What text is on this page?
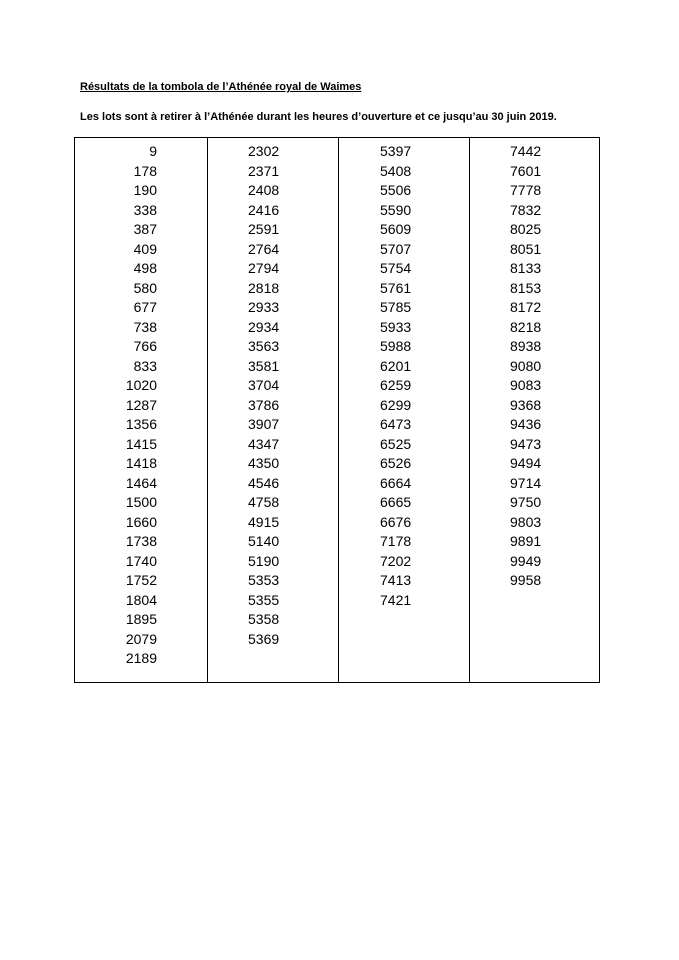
Résultats de la tombola de l’Athénée royal de Waimes
Les lots sont à retirer à l’Athénée durant les heures d’ouverture et ce jusqu’au 30 juin 2019.
9
178
190
338
387
409
498
580
677
738
766
833
1020
1287
1356
1415
1418
1464
1500
1660
1738
1740
1752
1804
1895
2079
2189
2302
2371
2408
2416
2591
2764
2794
2818
2933
2934
3563
3581
3704
3786
3907
4347
4350
4546
4758
4915
5140
5190
5353
5355
5358
5369
5397
5408
5506
5590
5609
5707
5754
5761
5785
5933
5988
6201
6259
6299
6473
6525
6526
6664
6665
6676
7178
7202
7413
7421
7442
7601
7778
7832
8025
8051
8133
8153
8172
8218
8938
9080
9083
9368
9436
9473
9494
9714
9750
9803
9891
9949
9958
